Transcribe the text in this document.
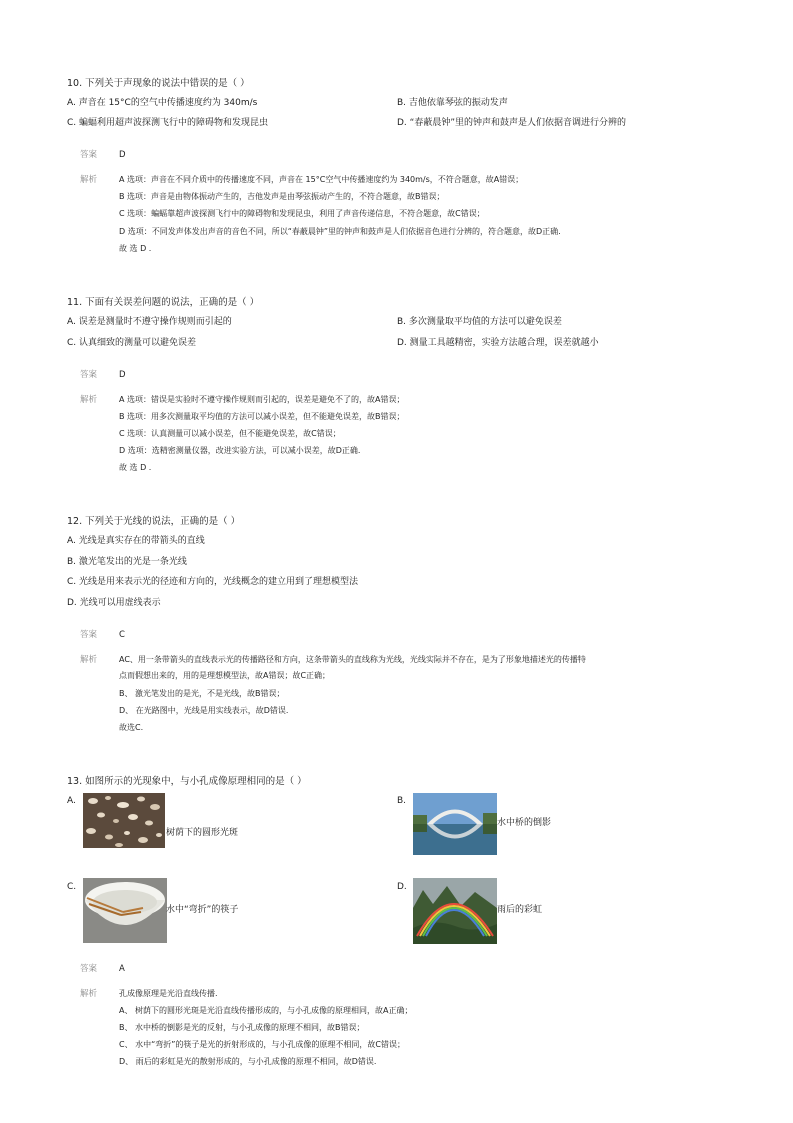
10. 下列关于声现象的说法中错误的是（ ）
A. 声音在 15°C的空气中传播速度约为 340m/s	B. 吉他依靠琴弦的振动发声
C. 蝙蝠利用超声波探测飞行中的障碍物和发现昆虫	D. “春蔽晨钟”里的钟声和鼓声是人们依据音调进行分辨的
答案	D
解析	A 选项：声音在不同介质中的传播速度不同，声音在 15°C空气中传播速度约为 340m/s，不符合题意，故A错误；
B 选项：声音是由物体振动产生的，吉他发声是由琴弦振动产生的，不符合题意，故B错误；
C 选项：蝙蝠靠超声波探测飞行中的障碍物和发现昆虫，利用了声音传递信息，不符合题意，故C错误；
D 选项：不同发声体发出声音的音色不同，所以“春蔽晨钟”里的钟声和鼓声是人们依据音色进行分辨的，符合题意，故D正确.
故 选 D .
11. 下面有关误差问题的说法，正确的是（ ）
A. 误差是测量时不遵守操作规则而引起的	B. 多次测量取平均值的方法可以避免误差
C. 认真细致的测量可以避免误差	D. 测量工具越精密，实验方法越合理，误差就越小
答案	D
解析	A 选项：错误是实验时不遵守操作规则而引起的，误差是避免不了的，故A错误；
B 选项：用多次测量取平均值的方法可以减小误差，但不能避免误差，故B错误；
C 选项：认真测量可以减小误差，但不能避免误差，故C错误；
D 选项：选精密测量仪器，改进实验方法，可以减小误差，故D正确.
故 选 D .
12. 下列关于光线的说法，正确的是（ ）
A. 光线是真实存在的带箭头的直线
B. 激光笔发出的光是一条光线
C. 光线是用来表示光的径迹和方向的，光线概念的建立用到了理想模型法
D. 光线可以用虚线表示
答案	C
解析	AC、用一条带箭头的直线表示光的传播路径和方向，这条带箭头的直线称为光线，光线实际并不存在，是为了形象地描述光的传播特
点而假想出来的，用的是理想模型法，故A错误；故C正确；
B、 激光笔发出的是光，不是光线，故B错误；
D、 在光路图中，光线是用实线表示，故D错误.
故选C.
13. 如图所示的光现象中，与小孔成像原理相同的是（ ）
A.
树荫下的圆形光斑
B.
水中桥的倒影
C.
水中“弯折”的筷子
D.
雨后的彩虹
答案	A
解析	孔成像原理是光沿直线传播.
A、 树荫下的圆形光斑是光沿直线传播形成的，与小孔成像的原理相同，故A正确；
B、 水中桥的倒影是光的反射，与小孔成像的原理不相同，故B错误；
C、 水中“弯折”的筷子是光的折射形成的，与小孔成像的原理不相同，故C错误；
D、 雨后的彩虹是光的散射形成的，与小孔成像的原理不相同，故D错误.
